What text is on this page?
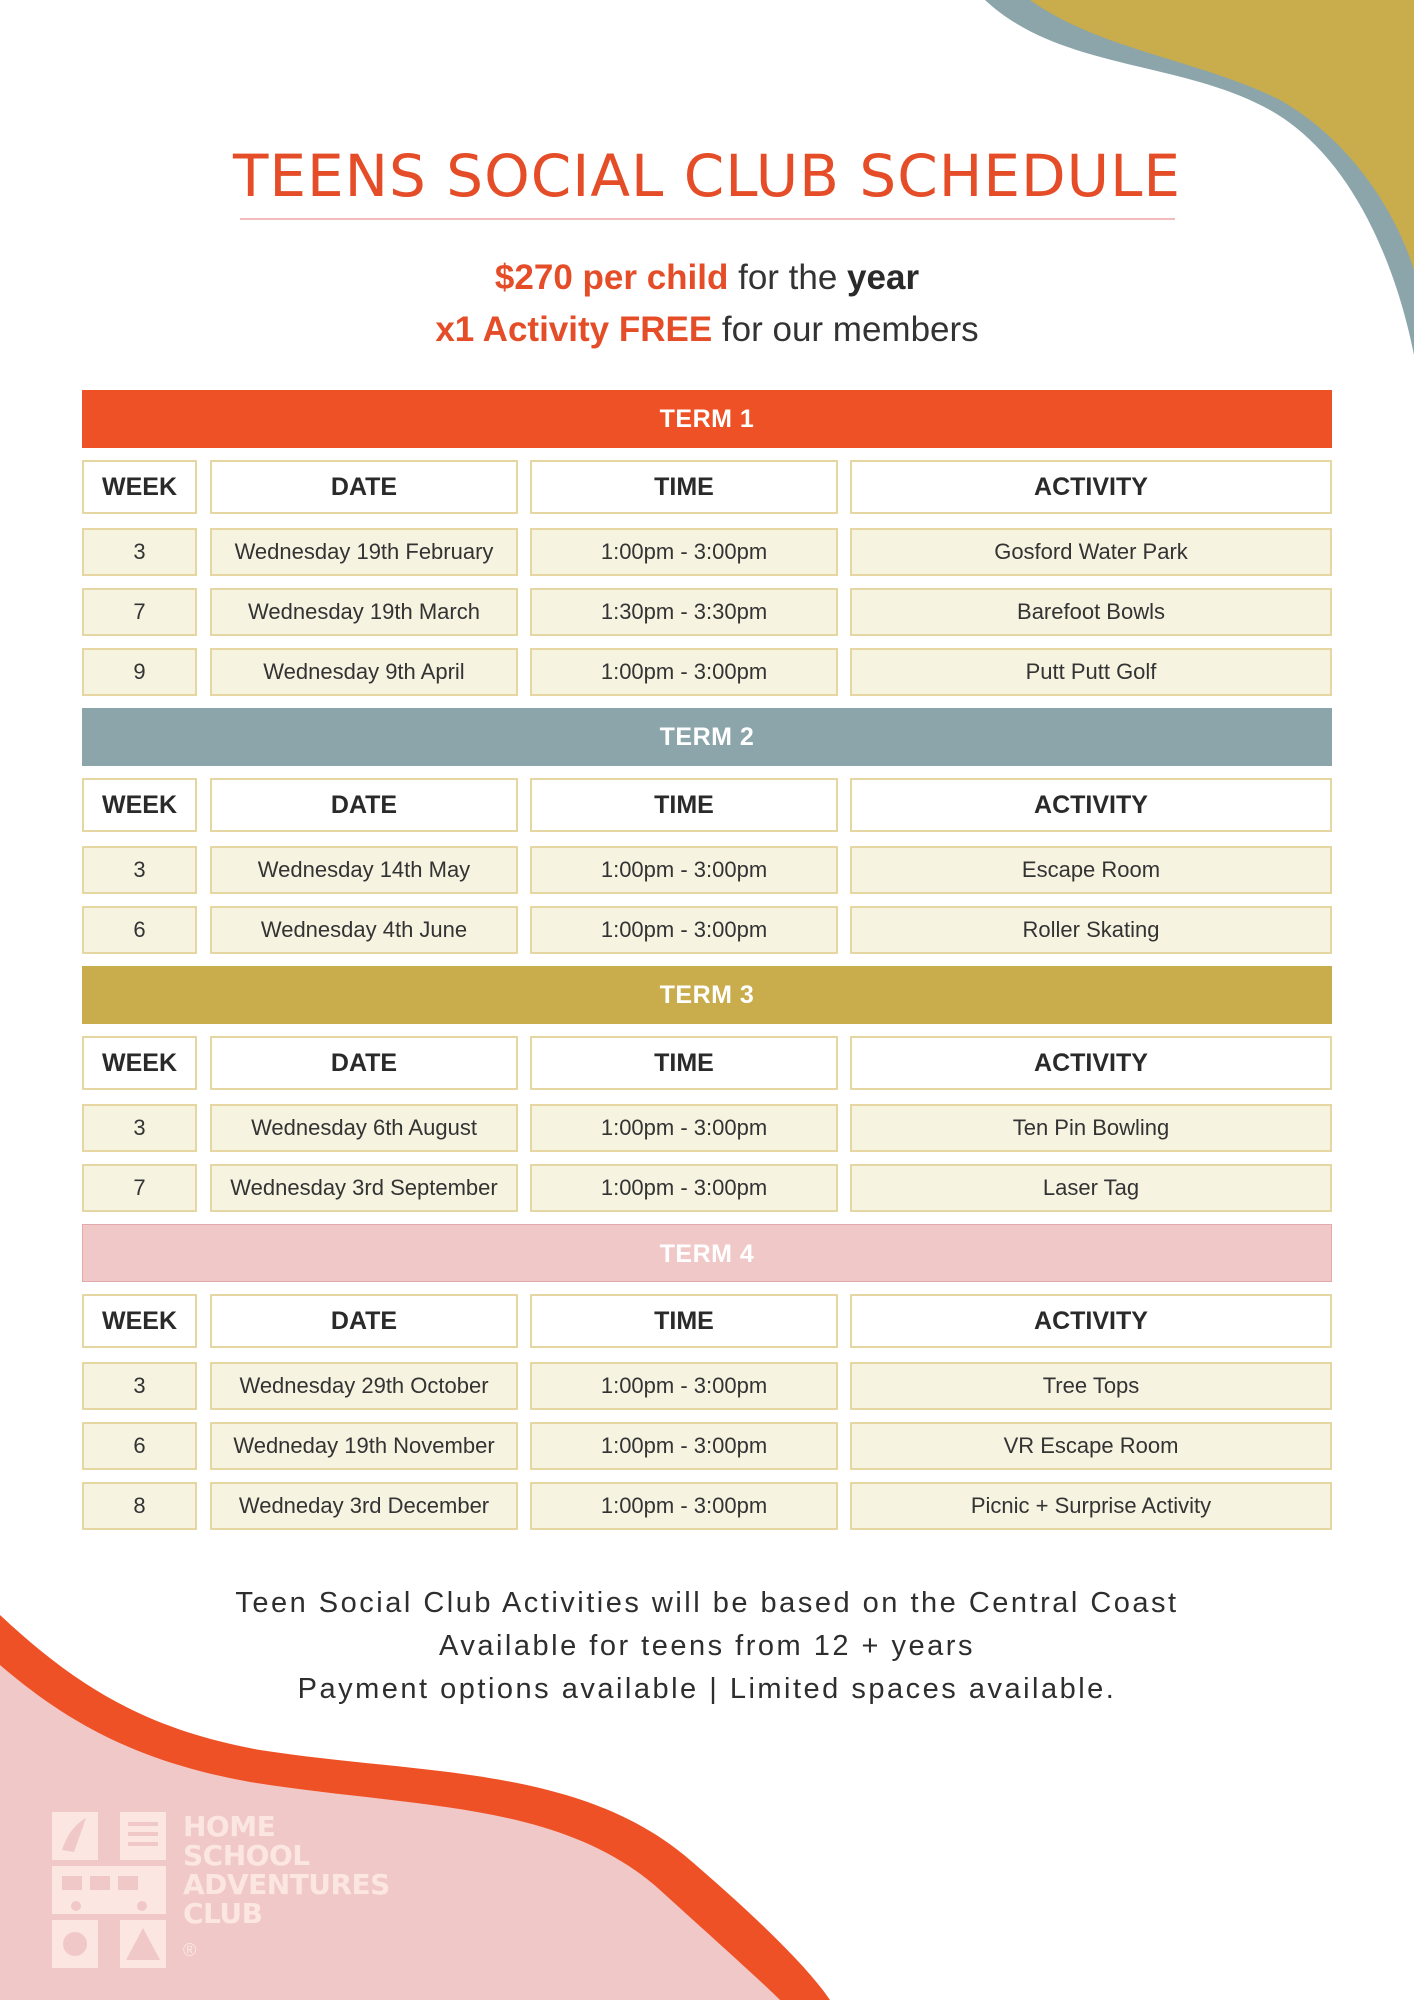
TEENS SOCIAL CLUB SCHEDULE
$270 per child for the year
x1 Activity FREE for our members
TERM 1
WEEK	DATE	TIME	ACTIVITY
3	Wednesday 19th February	1:00pm - 3:00pm	Gosford Water Park
7	Wednesday 19th March	1:30pm - 3:30pm	Barefoot Bowls
9	Wednesday 9th April	1:00pm - 3:00pm	Putt Putt Golf
TERM 2
WEEK	DATE	TIME	ACTIVITY
3	Wednesday 14th May	1:00pm - 3:00pm	Escape Room
6	Wednesday 4th June	1:00pm - 3:00pm	Roller Skating
TERM 3
WEEK	DATE	TIME	ACTIVITY
3	Wednesday 6th August	1:00pm - 3:00pm	Ten Pin Bowling
7	Wednesday 3rd September	1:00pm - 3:00pm	Laser Tag
TERM 4
WEEK	DATE	TIME	ACTIVITY
3	Wednesday 29th October	1:00pm - 3:00pm	Tree Tops
6	Wedneday 19th November	1:00pm - 3:00pm	VR Escape Room
8	Wedneday 3rd December	1:00pm - 3:00pm	Picnic + Surprise Activity
Teen Social Club Activities will be based on the Central Coast
Available for teens from 12 + years
Payment options available | Limited spaces available.
HOME
SCHOOL
ADVENTURES
CLUB
®
